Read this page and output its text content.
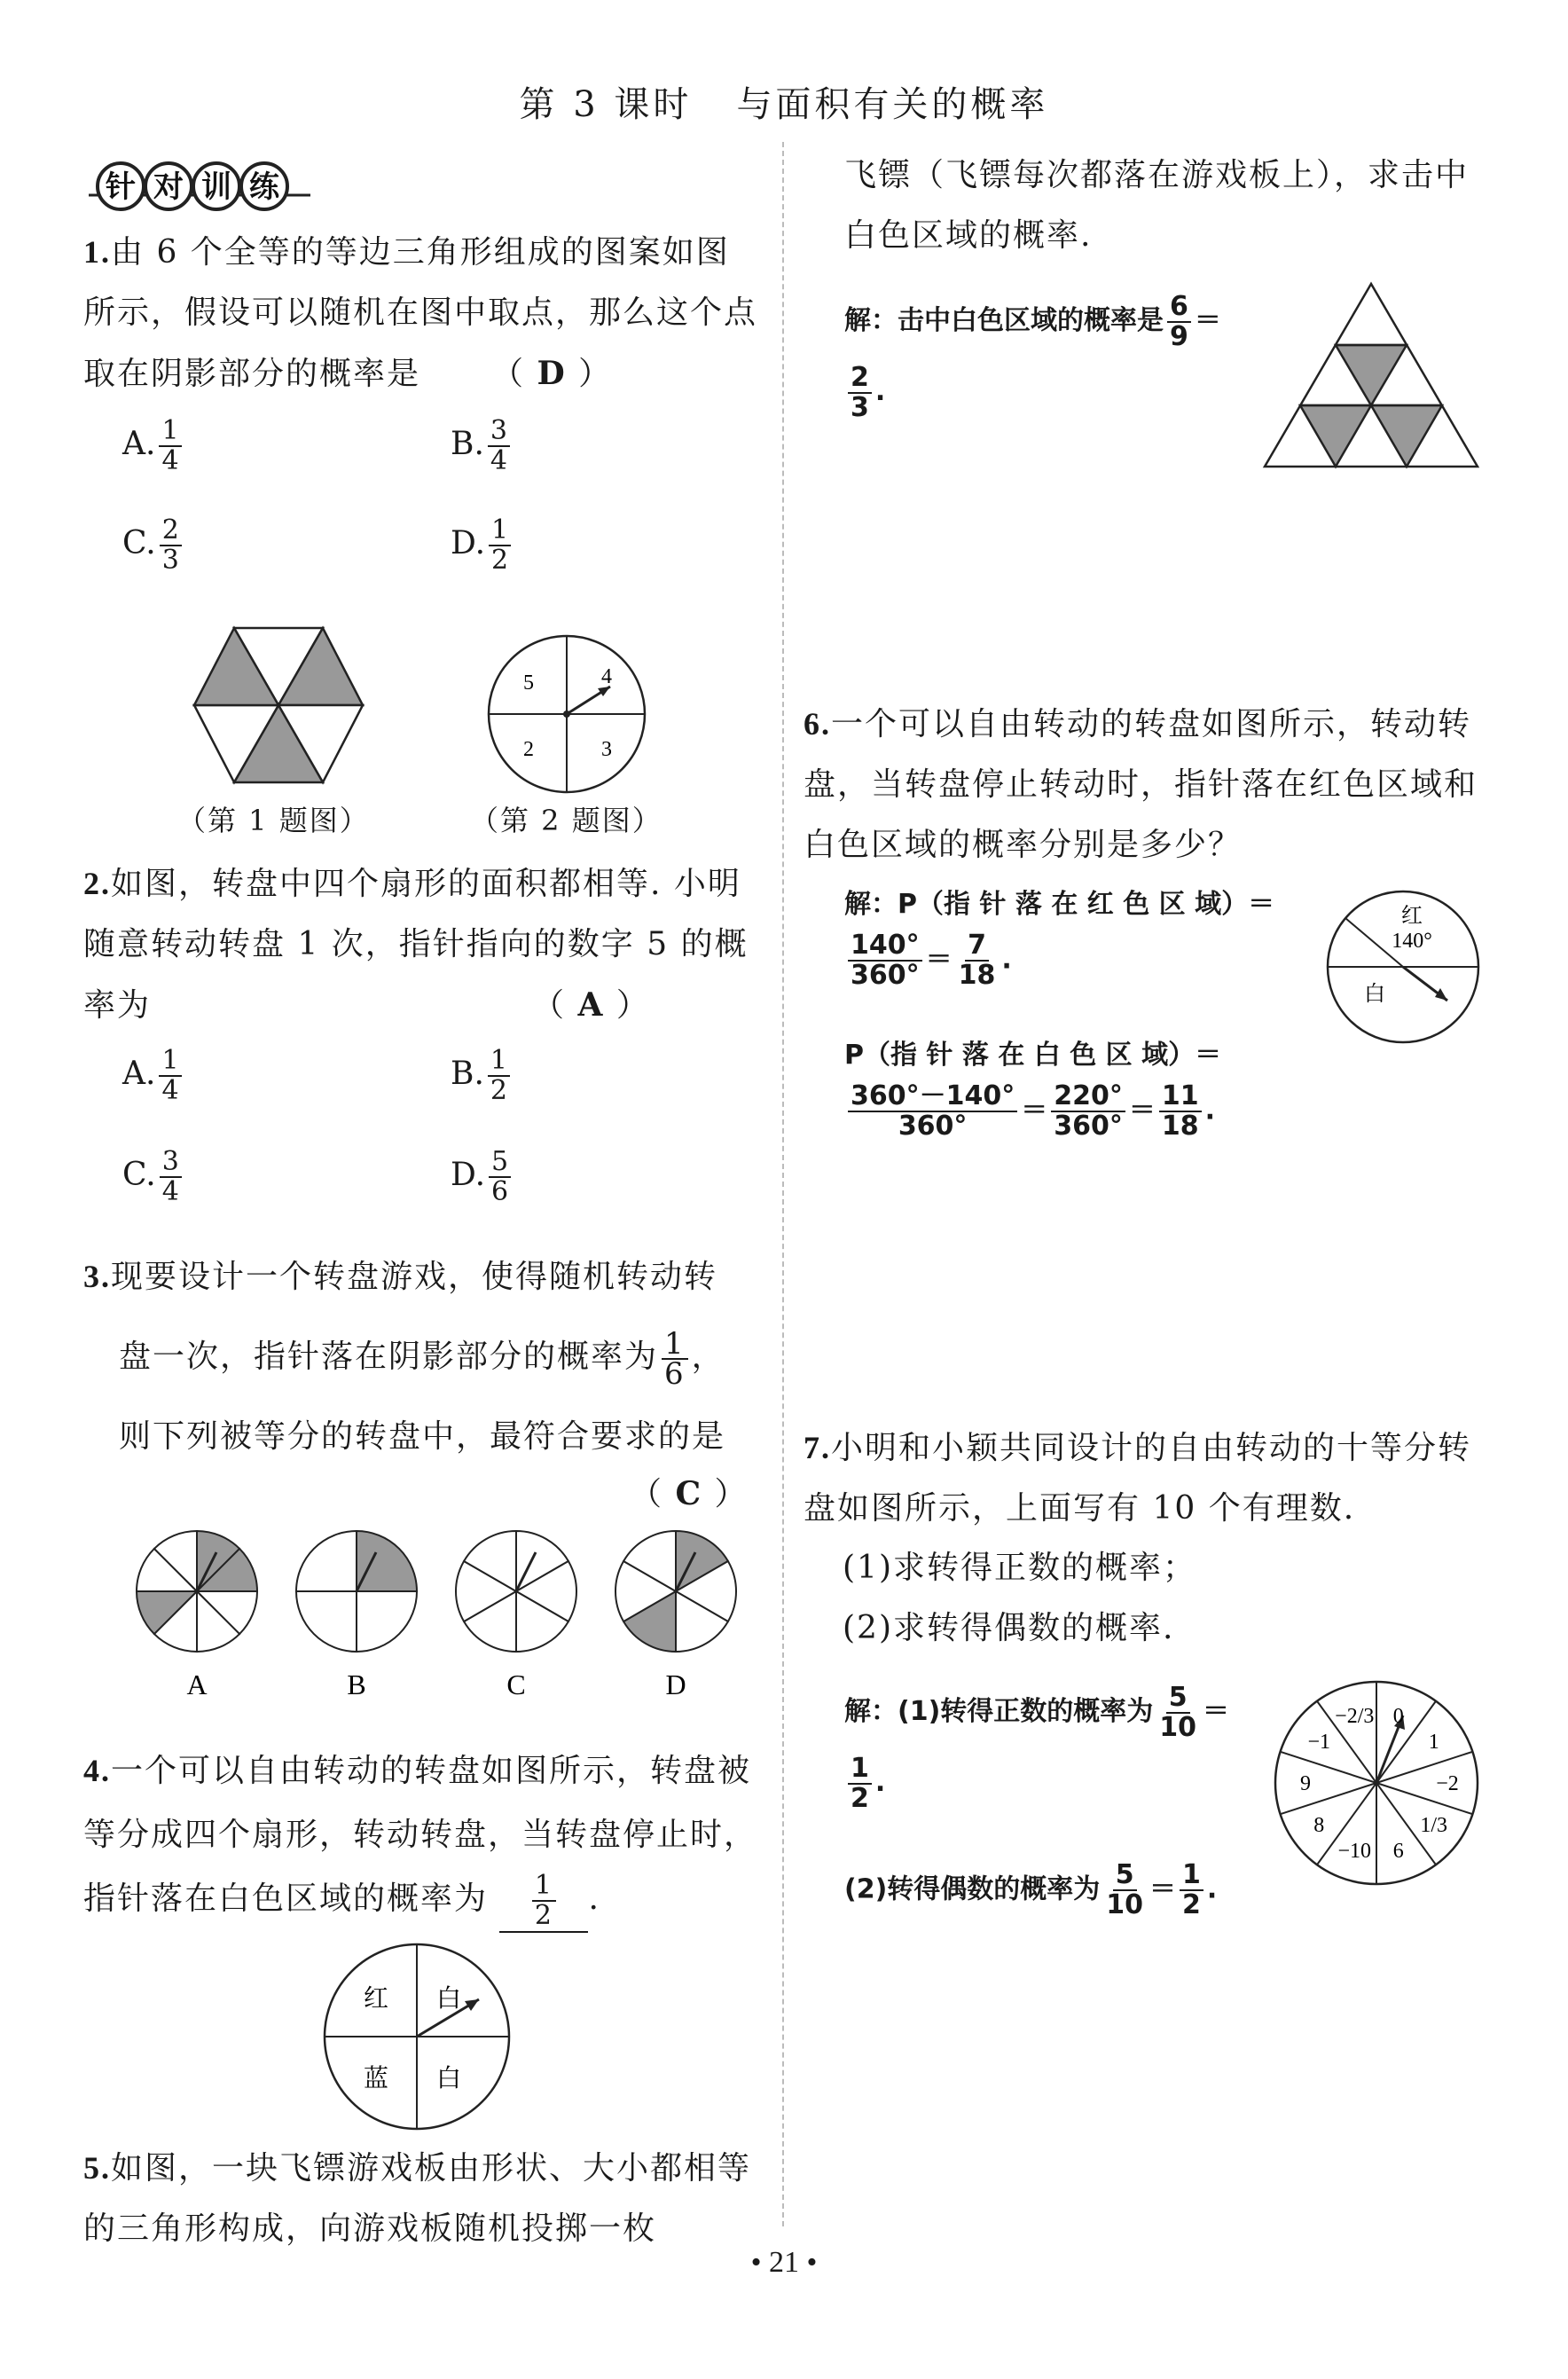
第 3 课时 与面积有关的概率
针 对 训 练
1.由 6 个全等的等边三角形组成的图案如图所示，假设可以随机在图中取点，那么这个点取在阴影部分的概率是 （ D ）
A. $\frac{1}{4}$	B. $\frac{3}{4}$
C. $\frac{2}{3}$	D. $\frac{1}{2}$
（第 1 题图）
5	4
2	3
（第 2 题图）
2.如图，转盘中四个扇形的面积都相等. 小明随意转动转盘 1 次，指针指向的数字 5 的概率为	（ A ）
A. $\frac{1}{4}$	B. $\frac{1}{2}$
C. $\frac{3}{4}$	D. $\frac{5}{6}$
3.现要设计一个转盘游戏，使得随机转动转
盘一次，指针落在阴影部分的概率为 $\frac{1}{6}$ ，
则下列被等分的转盘中，最符合要求的是
（ C ）
A	B	C	D
4.一个可以自由转动的转盘如图所示，转盘被等分成四个扇形，转动转盘，当转盘停止时，指针落在白色区域的概率为 $\frac{1}{2}$ .
红 白
蓝 白
5.如图，一块飞镖游戏板由形状、大小都相等的三角形构成，向游戏板随机投掷一枚
飞镖（飞镖每次都落在游戏板上），求击中白色区域的概率.
解：击中白色区域的概率是 $\frac{6}{9}$ ＝

$\frac{2}{3}$ .
6.一个可以自由转动的转盘如图所示，转动转盘，当转盘停止转动时，指针落在红色区域和白色区域的概率分别是多少？
解：P（指 针 落 在 红 色 区 域）＝

$\frac{140^\circ}{360^\circ} = \frac{7}{18}$ .
P（指 针 落 在 白 色 区 域）＝

$\frac{360^\circ-140^\circ}{360^\circ} = \frac{220^\circ}{360^\circ} = \frac{11}{18}$ .
红
140°
白
7.小明和小颖共同设计的自由转动的十等分转盘如图所示，上面写有 10 个有理数.
(1)求转得正数的概率；
(2)求转得偶数的概率.
解：(1)转得正数的概率为 $\frac{5}{10}$ ＝

$\frac{1}{2}$ .
(2)转得偶数的概率为 $\frac{5}{10} = \frac{1}{2}$ .
0
1
−2
1/3
6
−10
8
9
−1
−2/3
• 21 •
